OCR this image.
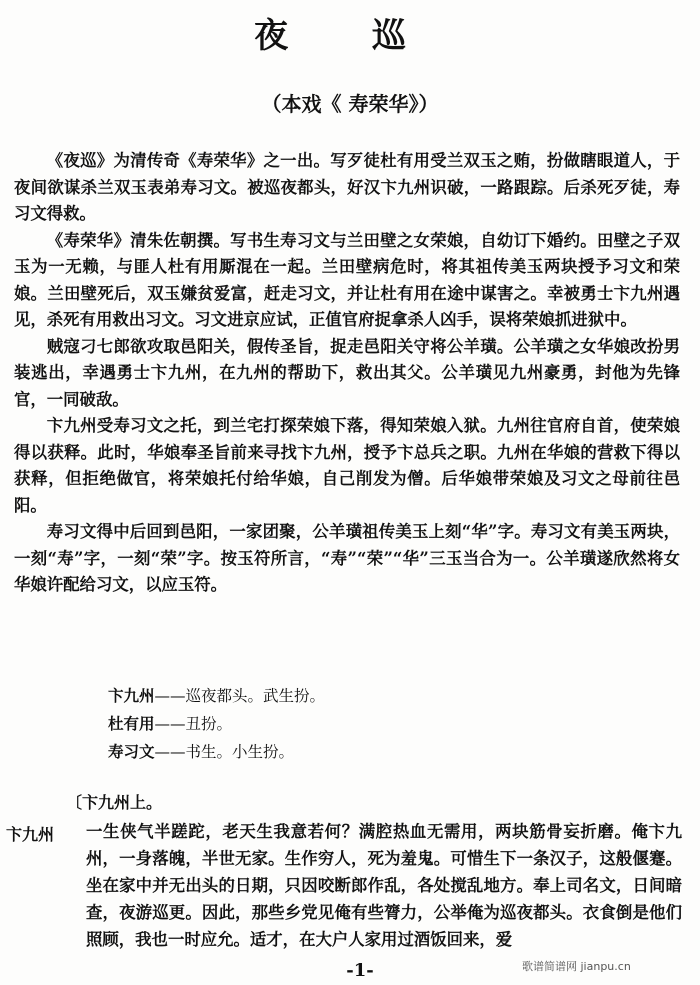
夜 巡
（本戏《 寿荣华》）

《夜巡》为清传奇《寿荣华》之一出。写歹徒杜有用受兰双玉之贿，扮做瞎眼道人，于夜间欲谋杀兰双玉表弟寿习文。被巡夜都头，好汉卞九州识破，一路跟踪。后杀死歹徒，寿习文得救。

《寿荣华》清朱佐朝撰。写书生寿习文与兰田壁之女荣娘，自幼订下婚约。田壁之子双玉为一无赖，与匪人杜有用厮混在一起。兰田壁病危时，将其祖传美玉两块授予习文和荣娘。兰田壁死后，双玉嫌贫爱富，赶走习文，并让杜有用在途中谋害之。幸被勇士卞九州遇见，杀死有用救出习文。习文进京应试，正值官府捉拿杀人凶手，误将荣娘抓进狱中。

贼寇刁七郎欲攻取邑阳关，假传圣旨，捉走邑阳关守将公羊璜。公羊璜之女华娘改扮男装逃出，幸遇勇士卞九州，在九州的帮助下，救出其父。公羊璜见九州豪勇，封他为先锋官，一同破敌。

卞九州受寿习文之托，到兰宅打探荣娘下落，得知荣娘入狱。九州往官府自首，使荣娘得以获释。此时，华娘奉圣旨前来寻找卞九州，授予卞总兵之职。九州在华娘的营救下得以获释，但拒绝做官，将荣娘托付给华娘，自己削发为僧。后华娘带荣娘及习文之母前往邑阳。

寿习文得中后回到邑阳，一家团聚，公羊璜祖传美玉上刻“华”字。寿习文有美玉两块，一刻“寿”字，一刻“荣”字。按玉符所言，“寿”“荣”“华”三玉当合为一。公羊璜遂欣然将女华娘许配给习文，以应玉符。

卞九州——巡夜都头。武生扮。
杜有用——丑扮。
寿习文——书生。小生扮。
〔卞九州上。
卞九州 一生侠气半蹉跎，老天生我意若何？满腔热血无需用，两块筋骨妄折磨。俺卞九州，一身落魄，半世无家。生作穷人，死为羞鬼。可惜生下一条汉子，这般偃蹇。坐在家中并无出头的日期，只因咬断郎作乱，各处搅乱地方。奉上司名文，日间暗查，夜游巡更。因此，那些乡党见俺有些膂力，公举俺为巡夜都头。衣食倒是他们照顾，我也一时应允。适才，在大户人家用过酒饭回来，爱
-1-	歌谱简谱网 jianpu.cn
